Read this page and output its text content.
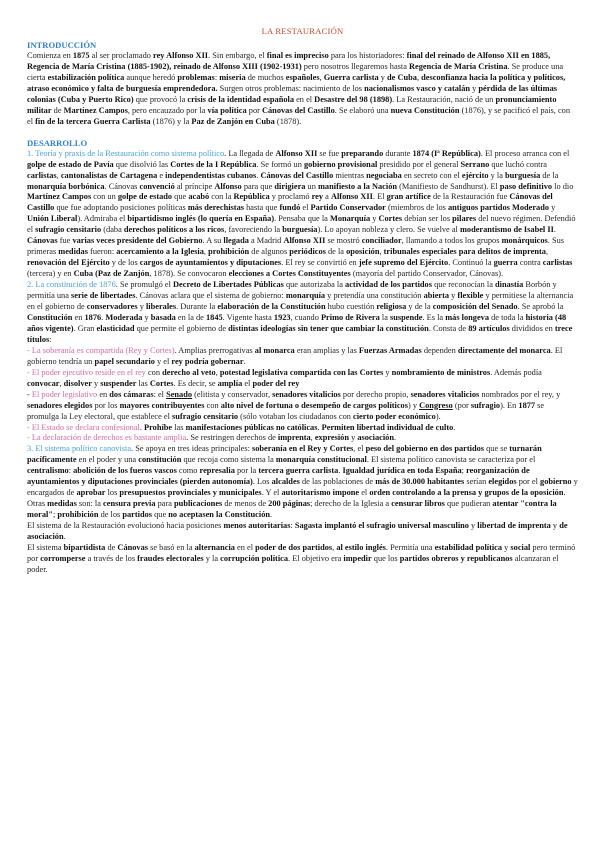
LA RESTAURACIÓN
INTRODUCCIÓN

Comienza en 1875 al ser proclamado rey Alfonso XII. Sin embargo, el final es impreciso para los historiadores: final del reinado de Alfonso XII en 1885, Regencia de María Cristina (1885-1902), reinado de Alfonso XIII (1902-1931) pero nosotros llegaremos hasta Regencia de María Cristina. Se produce una cierta estabilización política aunque heredó problemas: miseria de muchos españoles, Guerra carlista y de Cuba, desconfianza hacia la política y políticos, atraso económico y falta de burguesía emprendedora. Surgen otros problemas: nacimiento de los nacionalismos vasco y catalán y pérdida de las últimas colonias (Cuba y Puerto Rico) que provocó la crisis de la identidad española en el Desastre del 98 (1898). La Restauración, nació de un pronunciamiento militar de Martínez Campos, pero encauzado por la vía política por Cánovas del Castillo. Se elaboró una nueva Constitución (1876), y se pacificó el país, con el fin de la tercera Guerra Carlista (1876) y la Paz de Zanjón en Cuba (1878).

DESARROLLO

1. Teoría y praxis de la Restauración como sistema político. La llegada de Alfonso XII se fue preparando durante 1874 (Iª República). El proceso arranca con el golpe de estado de Pavía que disolvió las Cortes de la I República. Se formó un gobierno provisional presidido por el general Serrano que luchó contra carlistas, cantonalistas de Cartagena e independentistas cubanos. Cánovas del Castillo mientras negociaba en secreto con el ejército y la burguesía de la monarquía borbónica. Cánovas convenció al príncipe Alfonso para que dirigiera un manifiesto a la Nación (Manifiesto de Sandhurst). El paso definitivo lo dio Martínez Campos con un golpe de estado que acabó con la República y proclamó rey a Alfonso XII. El gran artífice de la Restauración fue Cánovas del Castillo que fue adoptando posiciones políticas más derechistas hasta que fundó el Partido Conservador (miembros de los antiguos partidos Moderado y Unión Liberal). Admiraba el bipartidismo inglés (lo quería en España). Pensaba que la Monarquía y Cortes debían ser los pilares del nuevo régimen. Defendió el sufragio censitario (daba derechos políticos a los ricos, favoreciendo la burguesía). Lo apoyan nobleza y clero. Se vuelve al moderantismo de Isabel II. Cánovas fue varias veces presidente del Gobierno. A su llegada a Madrid Alfonso XII se mostró conciliador, llamando a todos los grupos monárquicos. Sus primeras medidas fueron: acercamiento a la Iglesia, prohibición de algunos periódicos de la oposición, tribunales especiales para delitos de imprenta, renovación del Ejército y de los cargos de ayuntamientos y diputaciones. El rey se convirtió en jefe supremo del Ejército. Continuó la guerra contra carlistas (tercera) y en Cuba (Paz de Zanjón, 1878). Se convocaron elecciones a Cortes Constituyentes (mayoría del partido Conservador, Cánovas).

2. La constitución de 1876. Se promulgó el Decreto de Libertades Públicas que autorizaba la actividad de los partidos que reconocían la dinastía Borbón y permitía una serie de libertades. Cánovas aclara que el sistema de gobierno: monarquía y pretendía una constitución abierta y flexible y permitiese la alternancia en el gobierno de conservadores y liberales. Durante la elaboración de la Constitución hubo cuestión religiosa y de la composición del Senado. Se aprobó la Constitución en 1876. Moderada y basada en la de 1845. Vigente hasta 1923, cuando Primo de Rivera la suspende. Es la más longeva de toda la historia (48 años vigente). Gran elasticidad que permite el gobierno de distintas ideologías sin tener que cambiar la constitución. Consta de 89 artículos divididos en trece títulos:

- La soberanía es compartida (Rey y Cortes). Amplias prerrogativas al monarca eran amplias y las Fuerzas Armadas dependen directamente del monarca. El gobierno tendría un papel secundario y el rey podría gobernar.

- El poder ejecutivo reside en el rey con derecho al veto, potestad legislativa compartida con las Cortes y nombramiento de ministros. Además podía convocar, disolver y suspender las Cortes. Es decir, se amplía el poder del rey

- El poder legislativo en dos cámaras: el Senado (elitista y conservador, senadores vitalicios por derecho propio, senadores vitalicios nombrados por el rey, y senadores elegidos por los mayores contribuyentes con alto nivel de fortuna o desempeño de cargos políticos) y Congreso (por sufragio). En 1877 se promulga la Ley electoral, que establece el sufragio censitario (sólo votaban los ciudadanos con cierto poder económico).

- El Estado se declara confesional. Prohíbe las manifestaciones públicas no católicas. Permiten libertad individual de culto.

- La declaración de derechos es bastante amplia. Se restringen derechos de imprenta, expresión y asociación.

3. El sistema político canovista. Se apoya en tres ideas principales: soberanía en el Rey y Cortes, el peso del gobierno en dos partidos que se turnarán pacíficamente en el poder y una constitución que recoja como sistema la monarquía constitucional. El sistema político canovista se caracteriza por el centralismo: abolición de los fueros vascos como represalia por la tercera guerra carlista. Igualdad jurídica en toda España; reorganización de ayuntamientos y diputaciones provinciales (pierden autonomía). Los alcaldes de las poblaciones de más de 30.000 habitantes serían elegidos por el gobierno y encargados de aprobar los presupuestos provinciales y municipales. Y el autoritarismo impone el orden controlando a la prensa y grupos de la oposición. Otras medidas son: la censura previa para publicaciones de menos de 200 páginas; derecho de la Iglesia a censurar libros que pudieran atentar "contra la moral"; prohibición de los partidos que no aceptasen la Constitución.

El sistema de la Restauración evolucionó hacia posiciones menos autoritarias: Sagasta implantó el sufragio universal masculino y libertad de imprenta y de asociación.

El sistema bipartidista de Cánovas se basó en la alternancia en el poder de dos partidos, al estilo inglés. Permitía una estabilidad política y social pero terminó por corromperse a través de los fraudes electorales y la corrupción política. El objetivo era impedir que los partidos obreros y republicanos alcanzaran el poder.
